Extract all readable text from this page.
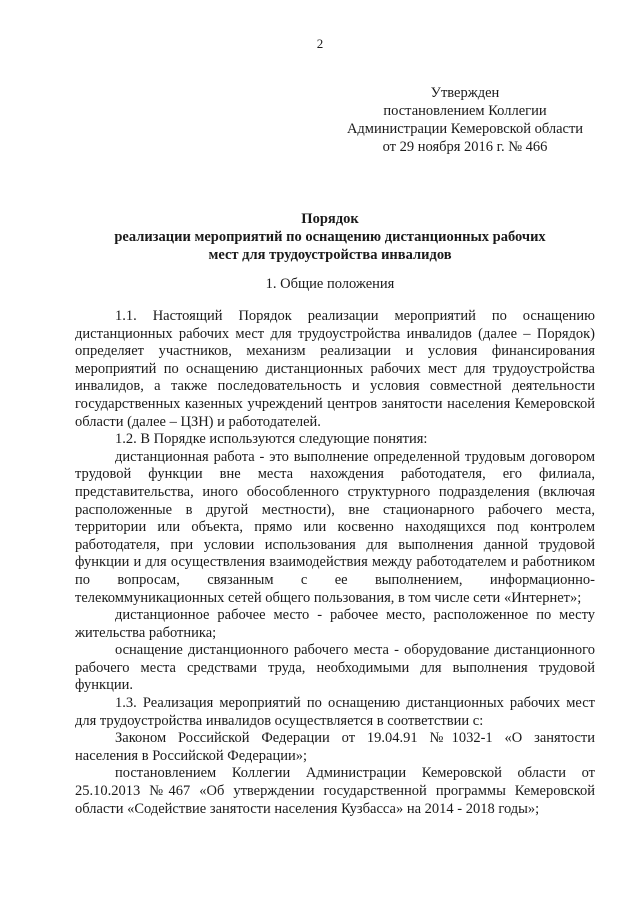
2
Утвержден
постановлением Коллегии
Администрации Кемеровской области
от 29 ноября 2016 г. № 466
Порядок
реализации мероприятий по оснащению дистанционных рабочих
мест для трудоустройства инвалидов
1. Общие положения

1.1. Настоящий Порядок реализации мероприятий по оснащению дистанционных рабочих мест для трудоустройства инвалидов (далее – Порядок) определяет участников, механизм реализации и условия финансирования мероприятий по оснащению дистанционных рабочих мест для трудоустройства инвалидов, а также последовательность и условия совместной деятельности государственных казенных учреждений центров занятости населения Кемеровской области (далее – ЦЗН) и работодателей.

1.2. В Порядке используются следующие понятия:

дистанционная работа - это выполнение определенной трудовым договором трудовой функции вне места нахождения работодателя, его филиала, представительства, иного обособленного структурного подразделения (включая расположенные в другой местности), вне стационарного рабочего места, территории или объекта, прямо или косвенно находящихся под контролем работодателя, при условии использования для выполнения данной трудовой функции и для осуществления взаимодействия между работодателем и работником по вопросам, связанным с ее выполнением, информационно-телекоммуникационных сетей общего пользования, в том числе сети «Интернет»;

дистанционное рабочее место - рабочее место, расположенное по месту жительства работника;

оснащение дистанционного рабочего места - оборудование дистанционного рабочего места средствами труда, необходимыми для выполнения трудовой функции.

1.3. Реализация мероприятий по оснащению дистанционных рабочих мест для трудоустройства инвалидов осуществляется в соответствии с:

Законом Российской Федерации от 19.04.91 №1032-1 «О занятости населения в Российской Федерации»;

постановлением Коллегии Администрации Кемеровской области от 25.10.2013 №467 «Об утверждении государственной программы Кемеровской области «Содействие занятости населения Кузбасса» на 2014 - 2018 годы»;
